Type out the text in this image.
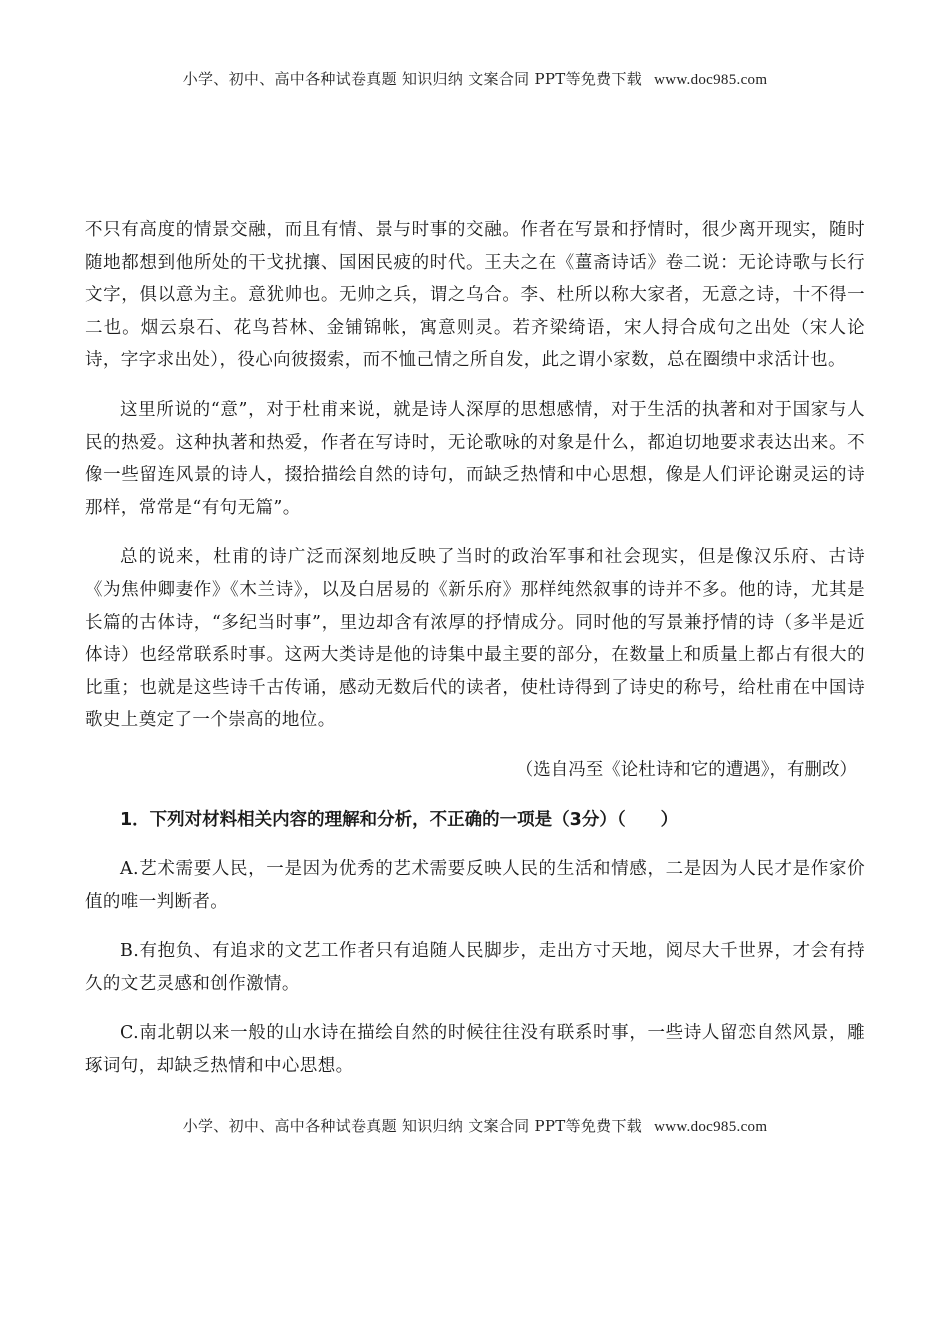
小学、初中、高中各种试卷真题 知识归纳 文案合同 PPT等免费下载 www.doc985.com

不只有高度的情景交融，而且有情、景与时事的交融。作者在写景和抒情时，很少离开现实，随时随地都想到他所处的干戈扰攘、国困民疲的时代。王夫之在《薑斋诗话》卷二说：无论诗歌与长行文字，俱以意为主。意犹帅也。无帅之兵，谓之乌合。李、杜所以称大家者，无意之诗，十不得一二也。烟云泉石、花鸟苔林、金铺锦帐，寓意则灵。若齐梁绮语，宋人挦合成句之出处（宋人论诗，字字求出处），役心向彼掇索，而不恤己情之所自发，此之谓小家数，总在圈缋中求活计也。

这里所说的“意”，对于杜甫来说，就是诗人深厚的思想感情，对于生活的执著和对于国家与人民的热爱。这种执著和热爱，作者在写诗时，无论歌咏的对象是什么，都迫切地要求表达出来。不像一些留连风景的诗人，掇拾描绘自然的诗句，而缺乏热情和中心思想，像是人们评论谢灵运的诗那样，常常是“有句无篇”。

总的说来，杜甫的诗广泛而深刻地反映了当时的政治军事和社会现实，但是像汉乐府、古诗《为焦仲卿妻作》《木兰诗》，以及白居易的《新乐府》那样纯然叙事的诗并不多。他的诗，尤其是长篇的古体诗，“多纪当时事”，里边却含有浓厚的抒情成分。同时他的写景兼抒情的诗（多半是近体诗）也经常联系时事。这两大类诗是他的诗集中最主要的部分，在数量上和质量上都占有很大的比重；也就是这些诗千古传诵，感动无数后代的读者，使杜诗得到了诗史的称号，给杜甫在中国诗歌史上奠定了一个崇高的地位。

（选自冯至《论杜诗和它的遭遇》，有删改）
1．下列对材料相关内容的理解和分析，不正确的一项是（3分）（　　）

A.艺术需要人民，一是因为优秀的艺术需要反映人民的生活和情感，二是因为人民才是作家价值的唯一判断者。

B.有抱负、有追求的文艺工作者只有追随人民脚步，走出方寸天地，阅尽大千世界，才会有持久的文艺灵感和创作激情。

C.南北朝以来一般的山水诗在描绘自然的时候往往没有联系时事，一些诗人留恋自然风景，雕琢词句，却缺乏热情和中心思想。

小学、初中、高中各种试卷真题 知识归纳 文案合同 PPT等免费下载 www.doc985.com
